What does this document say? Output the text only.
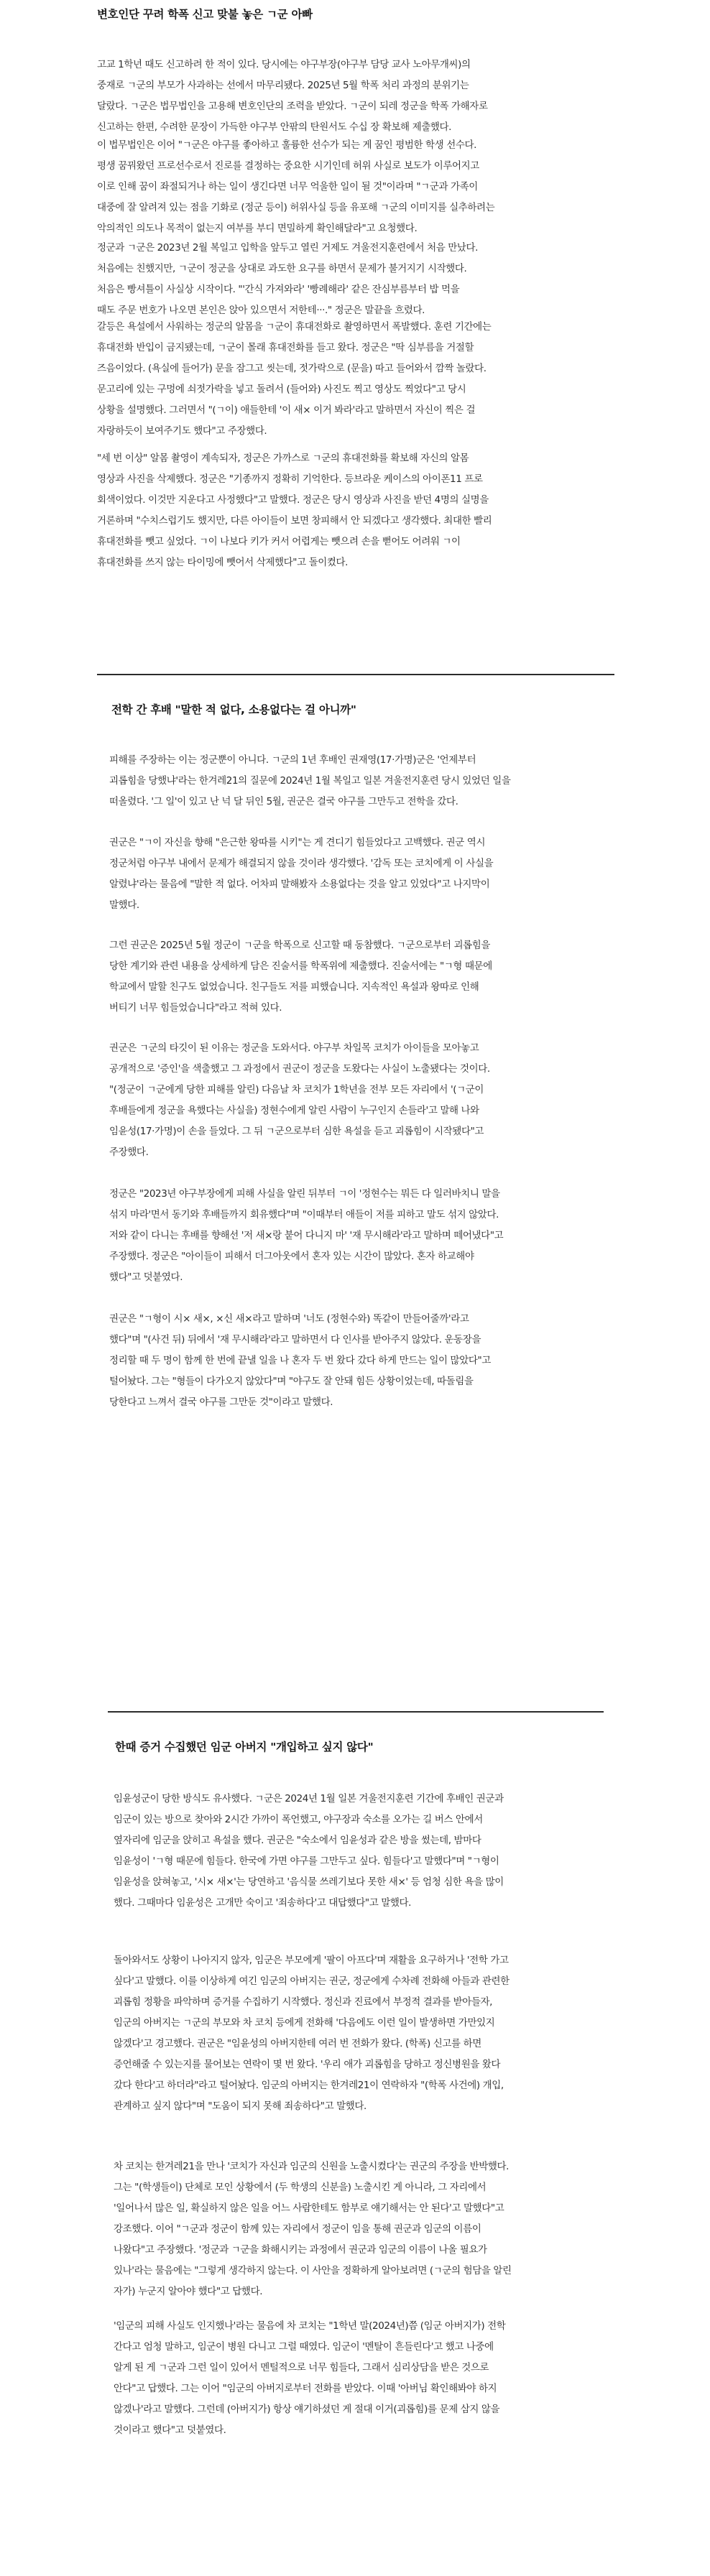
변호인단 꾸려 학폭 신고 맞불 놓은 ㄱ군 아빠
고교 1학년 때도 신고하려 한 적이 있다. 당시에는 야구부장(야구부 담당 교사 노아무개씨)의
중재로 ㄱ군의 부모가 사과하는 선에서 마무리됐다. 2025년 5월 학폭 처리 과정의 분위기는
달랐다. ㄱ군은 법무법인을 고용해 변호인단의 조력을 받았다. ㄱ군이 되레 정군을 학폭 가해자로
신고하는 한편, 수려한 문장이 가득한 야구부 안팎의 탄원서도 수십 장 확보해 제출했다.
이 법무법인은 이어 "ㄱ군은 야구를 좋아하고 훌륭한 선수가 되는 게 꿈인 평범한 학생 선수다.
평생 꿈꿔왔던 프로선수로서 진로를 결정하는 중요한 시기인데 허위 사실로 보도가 이루어지고
이로 인해 꿈이 좌절되거나 하는 일이 생긴다면 너무 억울한 일이 될 것"이라며 "ㄱ군과 가족이
대중에 잘 알려져 있는 점을 기화로 (정군 등이) 허위사실 등을 유포해 ㄱ군의 이미지를 실추하려는
악의적인 의도나 목적이 없는지 여부를 부디 면밀하게 확인해달라"고 요청했다.
정군과 ㄱ군은 2023년 2월 복일고 입학을 앞두고 열린 거제도 겨울전지훈련에서 처음 만났다.
처음에는 친했지만, ㄱ군이 정군을 상대로 과도한 요구를 하면서 문제가 불거지기 시작했다.
처음은 빵셔틀이 사실상 시작이다. "'간식 가져와라' '빵례해라' 같은 잔심부름부터 밥 먹을
때도 주문 번호가 나오면 본인은 앉아 있으면서 저한테···." 정군은 말끝을 흐렸다.
갈등은 욕설에서 사워하는 정군의 알몸을 ㄱ군이 휴대전화로 촬영하면서 폭발했다. 훈련 기간에는
휴대전화 반입이 금지됐는데, ㄱ군이 몰래 휴대전화를 들고 왔다. 정군은 "딱 심부름을 거절할
즈음이었다. (욕실에 들어가) 문을 잠그고 씻는데, 젓가락으로 (문을) 따고 들어와서 깜짝 놀랐다.
문고리에 있는 구멍에 쇠젓가락을 넣고 돌려서 (들어와) 사진도 찍고 영상도 찍었다"고 당시
상황을 설명했다. 그러면서 "(ㄱ이) 애들한테 '이 새× 이거 봐라'라고 말하면서 자신이 찍은 걸
자랑하듯이 보여주기도 했다"고 주장했다.
"세 번 이상" 알몸 촬영이 계속되자, 정군은 가까스로 ㄱ군의 휴대전화를 확보해 자신의 알몸
영상과 사진을 삭제했다. 정군은 "기종까지 정확히 기억한다. 등브라운 케이스의 아이폰11 프로
회색이었다. 이것만 지운다고 사정했다"고 말했다. 정군은 당시 영상과 사진을 받던 4명의 실명을
거론하며 "수치스럽기도 했지만, 다른 아이들이 보면 창피해서 안 되겠다고 생각했다. 최대한 빨리
휴대전화를 뺏고 싶었다. ㄱ이 나보다 키가 커서 어렵게는 뺏으려 손을 뻗어도 어려워 ㄱ이
휴대전화를 쓰지 않는 타이밍에 뺏어서 삭제했다"고 돌이켰다.
전학 간 후배 "말한 적 없다, 소용없다는 걸 아니까"
피해를 주장하는 이는 정군뿐이 아니다. ㄱ군의 1년 후배인 권재영(17·가명)군은 '언제부터
괴롭힘을 당했냐'라는 한겨레21의 질문에 2024년 1월 복일고 일본 겨울전지훈련 당시 있었던 일을
떠올렸다. '그 일'이 있고 난 넉 달 뒤인 5월, 권군은 결국 야구를 그만두고 전학을 갔다.
권군은 "ㄱ이 자신을 향해 "은근한 왕따를 시키"는 게 견디기 힘들었다고 고백했다. 권군 역시
정군처럼 야구부 내에서 문제가 해결되지 않을 것이라 생각했다. '감독 또는 코치에게 이 사실을
알렸냐'라는 물음에 "말한 적 없다. 어차피 말해봤자 소용없다는 것을 알고 있었다"고 나지막이
말했다.
그런 권군은 2025년 5월 정군이 ㄱ군을 학폭으로 신고할 때 동참했다. ㄱ군으로부터 괴롭힘을
당한 계기와 관련 내용을 상세하게 담은 진술서를 학폭위에 제출했다. 진술서에는 "ㄱ형 때문에
학교에서 말할 친구도 없었습니다. 친구들도 저를 피했습니다. 지속적인 욕설과 왕따로 인해
버티기 너무 힘들었습니다"라고 적혀 있다.
권군은 ㄱ군의 타깃이 된 이유는 정군을 도와서다. 야구부 차일목 코치가 아이들을 모아놓고
공개적으로 '증인'을 색출했고 그 과정에서 권군이 정군을 도왔다는 사실이 노출됐다는 것이다.
"(정군이 ㄱ군에게 당한 피해를 알린) 다음날 차 코치가 1학년을 전부 모든 자리에서 '(ㄱ군이
후배들에게 정군을 욕했다는 사실을) 정현수에게 알린 사람이 누구인지 손들라'고 말해 나와
임윤성(17·가명)이 손을 들었다. 그 뒤 ㄱ군으로부터 심한 욕설을 듣고 괴롭힘이 시작됐다"고
주장했다.
정군은 "2023년 야구부장에게 피해 사실을 알린 뒤부터 ㄱ이 '정현수는 뭐든 다 일러바치니 말을
섞지 마라'면서 동기와 후배들까지 회유했다"며 "이때부터 애들이 저를 피하고 말도 섞지 않았다.
저와 같이 다니는 후배를 향해선 '저 새×랑 붙어 다니지 마' '재 무시해라'라고 말하며 떼어냈다"고
주장했다. 정군은 "아이들이 피해서 더그아웃에서 혼자 있는 시간이 많았다. 혼자 하교해야
했다"고 덧붙였다.
권군은 "ㄱ형이 시× 새×, ×신 새×라고 말하며 '너도 (정현수와) 똑같이 만들어줄까'라고
했다"며 "(사건 뒤) 뒤에서 '재 무시해라'라고 말하면서 다 인사를 받아주지 않았다. 운동장을
정리할 때 두 명이 함께 한 번에 끝낼 일을 나 혼자 두 번 왔다 갔다 하게 만드는 일이 많았다"고
털어놨다. 그는 "형들이 다가오지 않았다"며 "야구도 잘 안돼 힘든 상황이었는데, 따돌림을
당한다고 느껴서 결국 야구를 그만둔 것"이라고 말했다.
한때 증거 수집했던 임군 아버지 "개입하고 싶지 않다"
임윤성군이 당한 방식도 유사했다. ㄱ군은 2024년 1월 일본 겨울전지훈련 기간에 후배인 권군과
임군이 있는 방으로 찾아와 2시간 가까이 폭언했고, 야구장과 숙소를 오가는 길 버스 안에서
옆자리에 임군을 앉히고 욕설을 했다. 권군은 "숙소에서 임윤성과 같은 방을 썼는데, 밤마다
임윤성이 'ㄱ형 때문에 힘들다. 한국에 가면 야구를 그만두고 싶다. 힘들다'고 말했다"며 "ㄱ형이
임윤성을 앉혀놓고, '시× 새×'는 당연하고 '음식물 쓰레기보다 못한 새×' 등 엄청 심한 욕을 많이
했다. 그때마다 임윤성은 고개만 숙이고 '죄송하다'고 대답했다"고 말했다.
돌아와서도 상황이 나아지지 않자, 임군은 부모에게 '팔이 아프다'며 재활을 요구하거나 '전학 가고
싶다'고 말했다. 이를 이상하게 여긴 임군의 아버지는 권군, 정군에게 수차례 전화해 아들과 관련한
괴롭힘 정황을 파악하며 증거를 수집하기 시작했다. 정신과 진료에서 부정적 결과를 받아들자,
임군의 아버지는 ㄱ군의 부모와 차 코치 등에게 전화해 '다음에도 이런 일이 발생하면 가만있지
않겠다'고 경고했다. 권군은 "임윤성의 아버지한테 여러 번 전화가 왔다. (학폭) 신고를 하면
증언해줄 수 있는지를 물어보는 연락이 몇 번 왔다. '우리 애가 괴롭힘을 당하고 정신병원을 왔다
갔다 한다'고 하더라"라고 털어놨다. 임군의 아버지는 한겨레21이 연락하자 "(학폭 사건에) 개입,
관계하고 싶지 않다"며 "도움이 되지 못해 죄송하다"고 말했다.
차 코치는 한겨레21을 만나 '코치가 자신과 임군의 신원을 노출시켰다'는 권군의 주장을 반박했다.
그는 "(학생들이) 단체로 모인 상황에서 (두 학생의 신분을) 노출시킨 게 아니라, 그 자리에서
'일어나서 많은 일, 확실하지 않은 일을 어느 사람한테도 함부로 얘기해서는 안 된다'고 말했다"고
강조했다. 이어 "ㄱ군과 정군이 함께 있는 자리에서 정군이 임을 통해 권군과 임군의 이름이
나왔다"고 주장했다. '정군과 ㄱ군을 화해시키는 과정에서 권군과 임군의 이름이 나올 필요가
있나'라는 물음에는 "그렇게 생각하지 않는다. 이 사안을 정확하게 알아보려면 (ㄱ군의 험담을 알린
자가) 누군지 알아야 했다"고 답했다.
'임군의 피해 사실도 인지했나'라는 물음에 차 코치는 "1학년 말(2024년)쯤 (임군 아버지가) 전학
간다고 엄청 말하고, 임군이 병원 다니고 그럴 때였다. 임군이 '멘탈이 흔들린다'고 했고 나중에
알게 된 게 ㄱ군과 그런 일이 있어서 멘털적으로 너무 힘들다, 그래서 심리상담을 받은 것으로
안다"고 답했다. 그는 이어 "임군의 아버지로부터 전화를 받았다. 이때 '아버님 확인해봐야 하지
않겠나'라고 말했다. 그런데 (아버지가) 항상 얘기하셨던 게 절대 이거(괴롭힘)를 문제 삼지 않을
것이라고 했다"고 덧붙였다.
